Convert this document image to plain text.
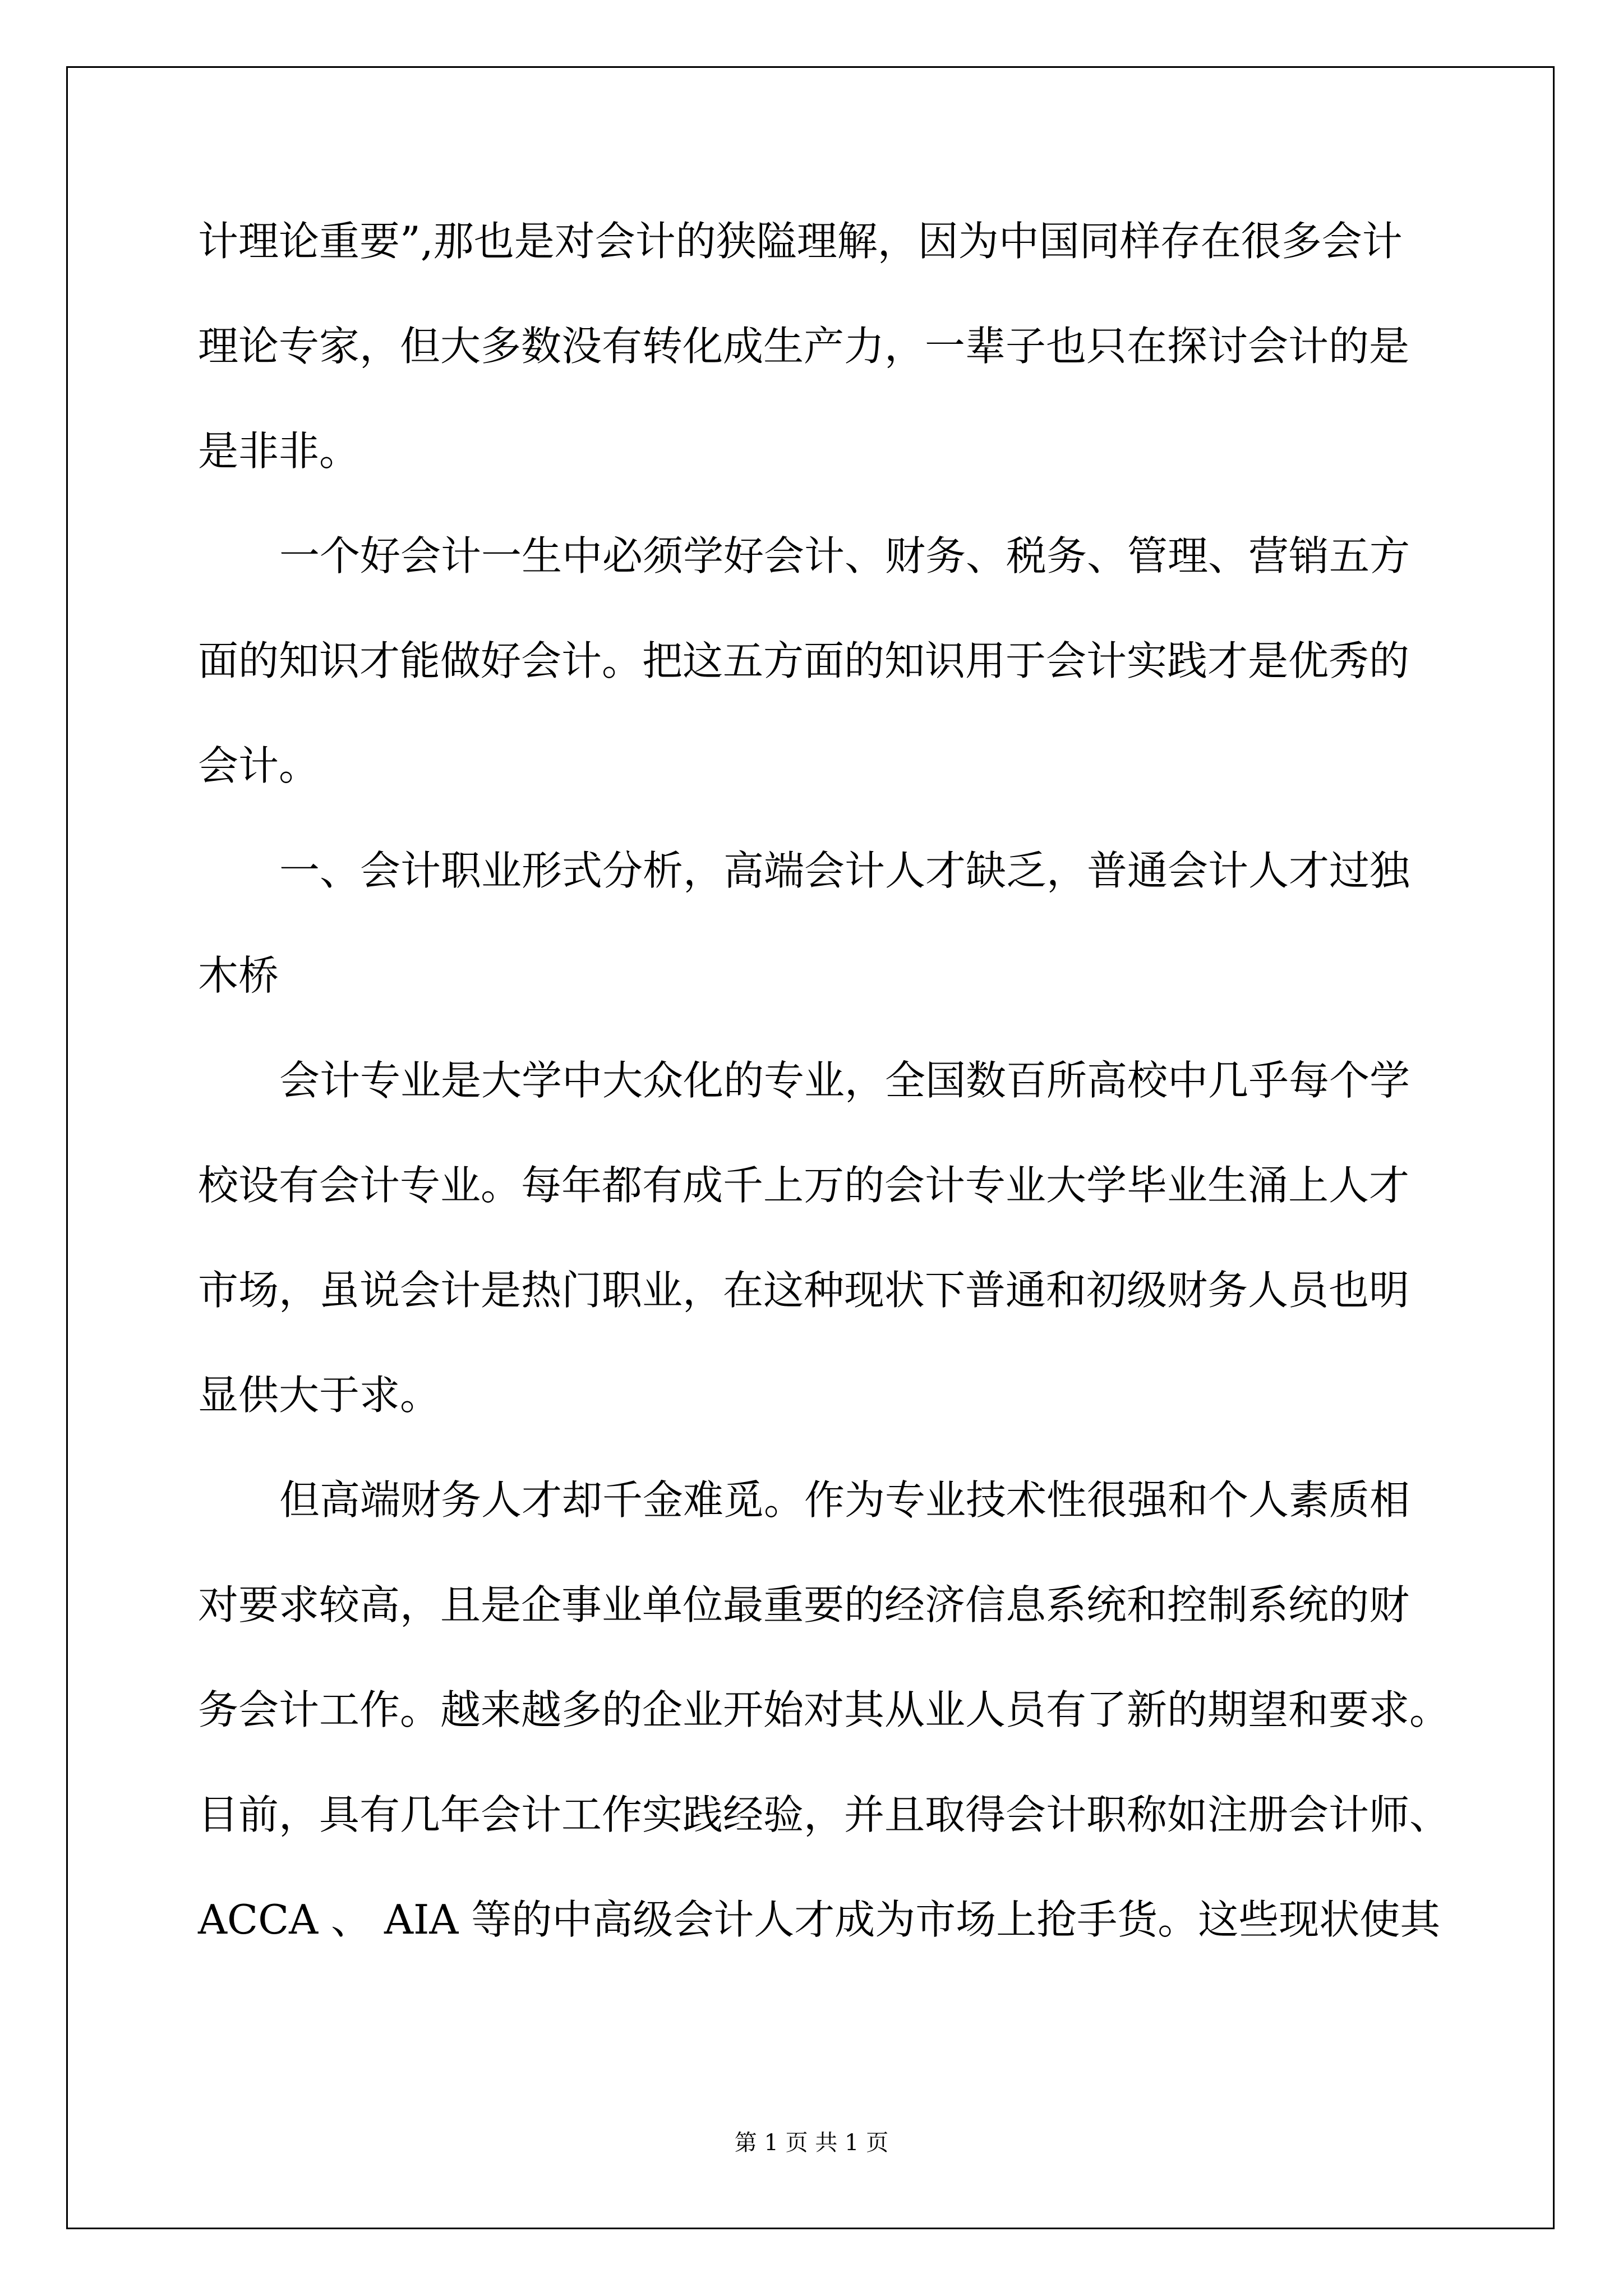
计理论重要”,那也是对会计的狭隘理解，因为中国同样存在很多会计
理论专家，但大多数没有转化成生产力，一辈子也只在探讨会计的是
是非非。
一个好会计一生中必须学好会计、财务、税务、管理、营销五方
面的知识才能做好会计。把这五方面的知识用于会计实践才是优秀的
会计。
一、会计职业形式分析，高端会计人才缺乏，普通会计人才过独
木桥
会计专业是大学中大众化的专业，全国数百所高校中几乎每个学
校设有会计专业。每年都有成千上万的会计专业大学毕业生涌上人才
市场，虽说会计是热门职业，在这种现状下普通和初级财务人员也明
显供大于求。
但高端财务人才却千金难觅。作为专业技术性很强和个人素质相
对要求较高，且是企事业单位最重要的经济信息系统和控制系统的财
务会计工作。越来越多的企业开始对其从业人员有了新的期望和要求。
目前，具有几年会计工作实践经验，并且取得会计职称如注册会计师、
ACCA 、 AIA 等的中高级会计人才成为市场上抢手货。这些现状使其
第 1 页 共 1 页
